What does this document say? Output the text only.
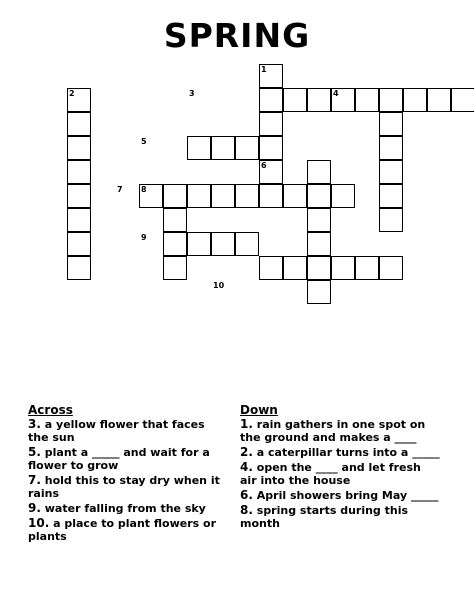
SPRING
1
2	3	4
5
6
7 8
9
10
Across
3. a yellow flower that faces the sun
5. plant a _____ and wait for a flower to grow
7. hold this to stay dry when it rains
9. water falling from the sky
10. a place to plant flowers or plants
Down
1. rain gathers in one spot on the ground and makes a ____
2. a caterpillar turns into a _____
4. open the ____ and let fresh air into the house
6. April showers bring May _____
8. spring starts during this month
